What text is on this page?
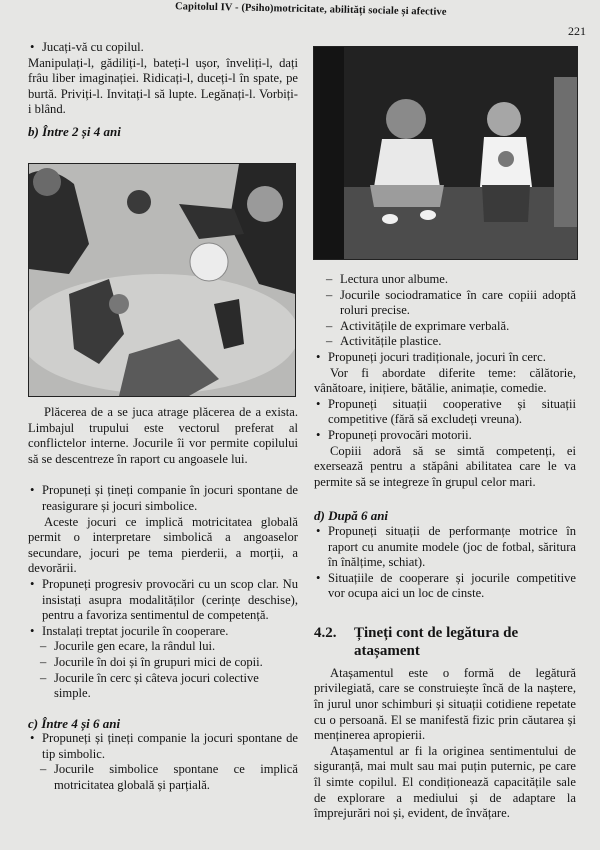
Capitolul IV - (Psiho)motricitate, abilități sociale și afective
221

• Jucați-vă cu copilul.

Manipulați-l, gădiliți-l, bateți-l ușor, înveliți-l, dați frâu liber imaginației. Ridicați-l, duceți-l în spate, pe burtă. Priviți-l. Invitați-l să lupte. Legănați-l. Vorbiți-i blând.

b) Între 2 și 4 ani

Plăcerea de a se juca atrage plăcerea de a exista. Limbajul trupului este vectorul preferat al conflictelor interne. Jocurile îi vor permite copilului să se descentreze în raport cu angoasele lui.

• Propuneți și țineți companie în jocuri spontane de reasigurare și jocuri simbolice.

Aceste jocuri ce implică motricitatea globală permit o interpretare simbolică a angoaselor secundare, jocuri pe tema pierderii, a morții, a devorării.

• Propuneți progresiv provocări cu un scop clar. Nu insistați asupra modalităților (cerințe deschise), pentru a favoriza sentimentul de competență.

• Instalați treptat jocurile în cooperare.

– Jocurile gen ecare, la rândul lui.

– Jocurile în doi și în grupuri mici de copii.

– Jocurile în cerc și câteva jocuri colective simple.

c) Între 4 și 6 ani

• Propuneți și țineți companie la jocuri spontane de tip simbolic.

– Jocurile simbolice spontane ce implică motricitatea globală și parțială.

– Lectura unor albume.

– Jocurile sociodramatice în care copiii adoptă roluri precise.

– Activitățile de exprimare verbală.

– Activitățile plastice.

• Propuneți jocuri tradiționale, jocuri în cerc.

Vor fi abordate diferite teme: călătorie, vânătoare, inițiere, bătălie, animație, comedie.

• Propuneți situații cooperative și situații competitive (fără să excludeți vreuna).

• Propuneți provocări motorii.

Copiii adoră să se simtă competenți, ei exersează pentru a stăpâni abilitatea care le va permite să se integreze în grupul celor mari.

d) După 6 ani

• Propuneți situații de performanțe motrice în raport cu anumite modele (joc de fotbal, săritura în înălțime, schiat).

• Situațiile de cooperare și jocurile competitive vor ocupa aici un loc de cinste.

4.2.	Țineți cont de legătura de atașament

Atașamentul este o formă de legătură privilegiată, care se construiește încă de la naștere, în jurul unor schimburi și situații cotidiene repetate cu o persoană. El se manifestă fizic prin căutarea și menținerea apropierii.

Atașamentul ar fi la originea sentimentului de siguranță, mai mult sau mai puțin puternic, pe care îl simte copilul. El condiționează capacitățile sale de explorare a mediului și de adaptare la împrejurări noi și, evident, de învățare.
